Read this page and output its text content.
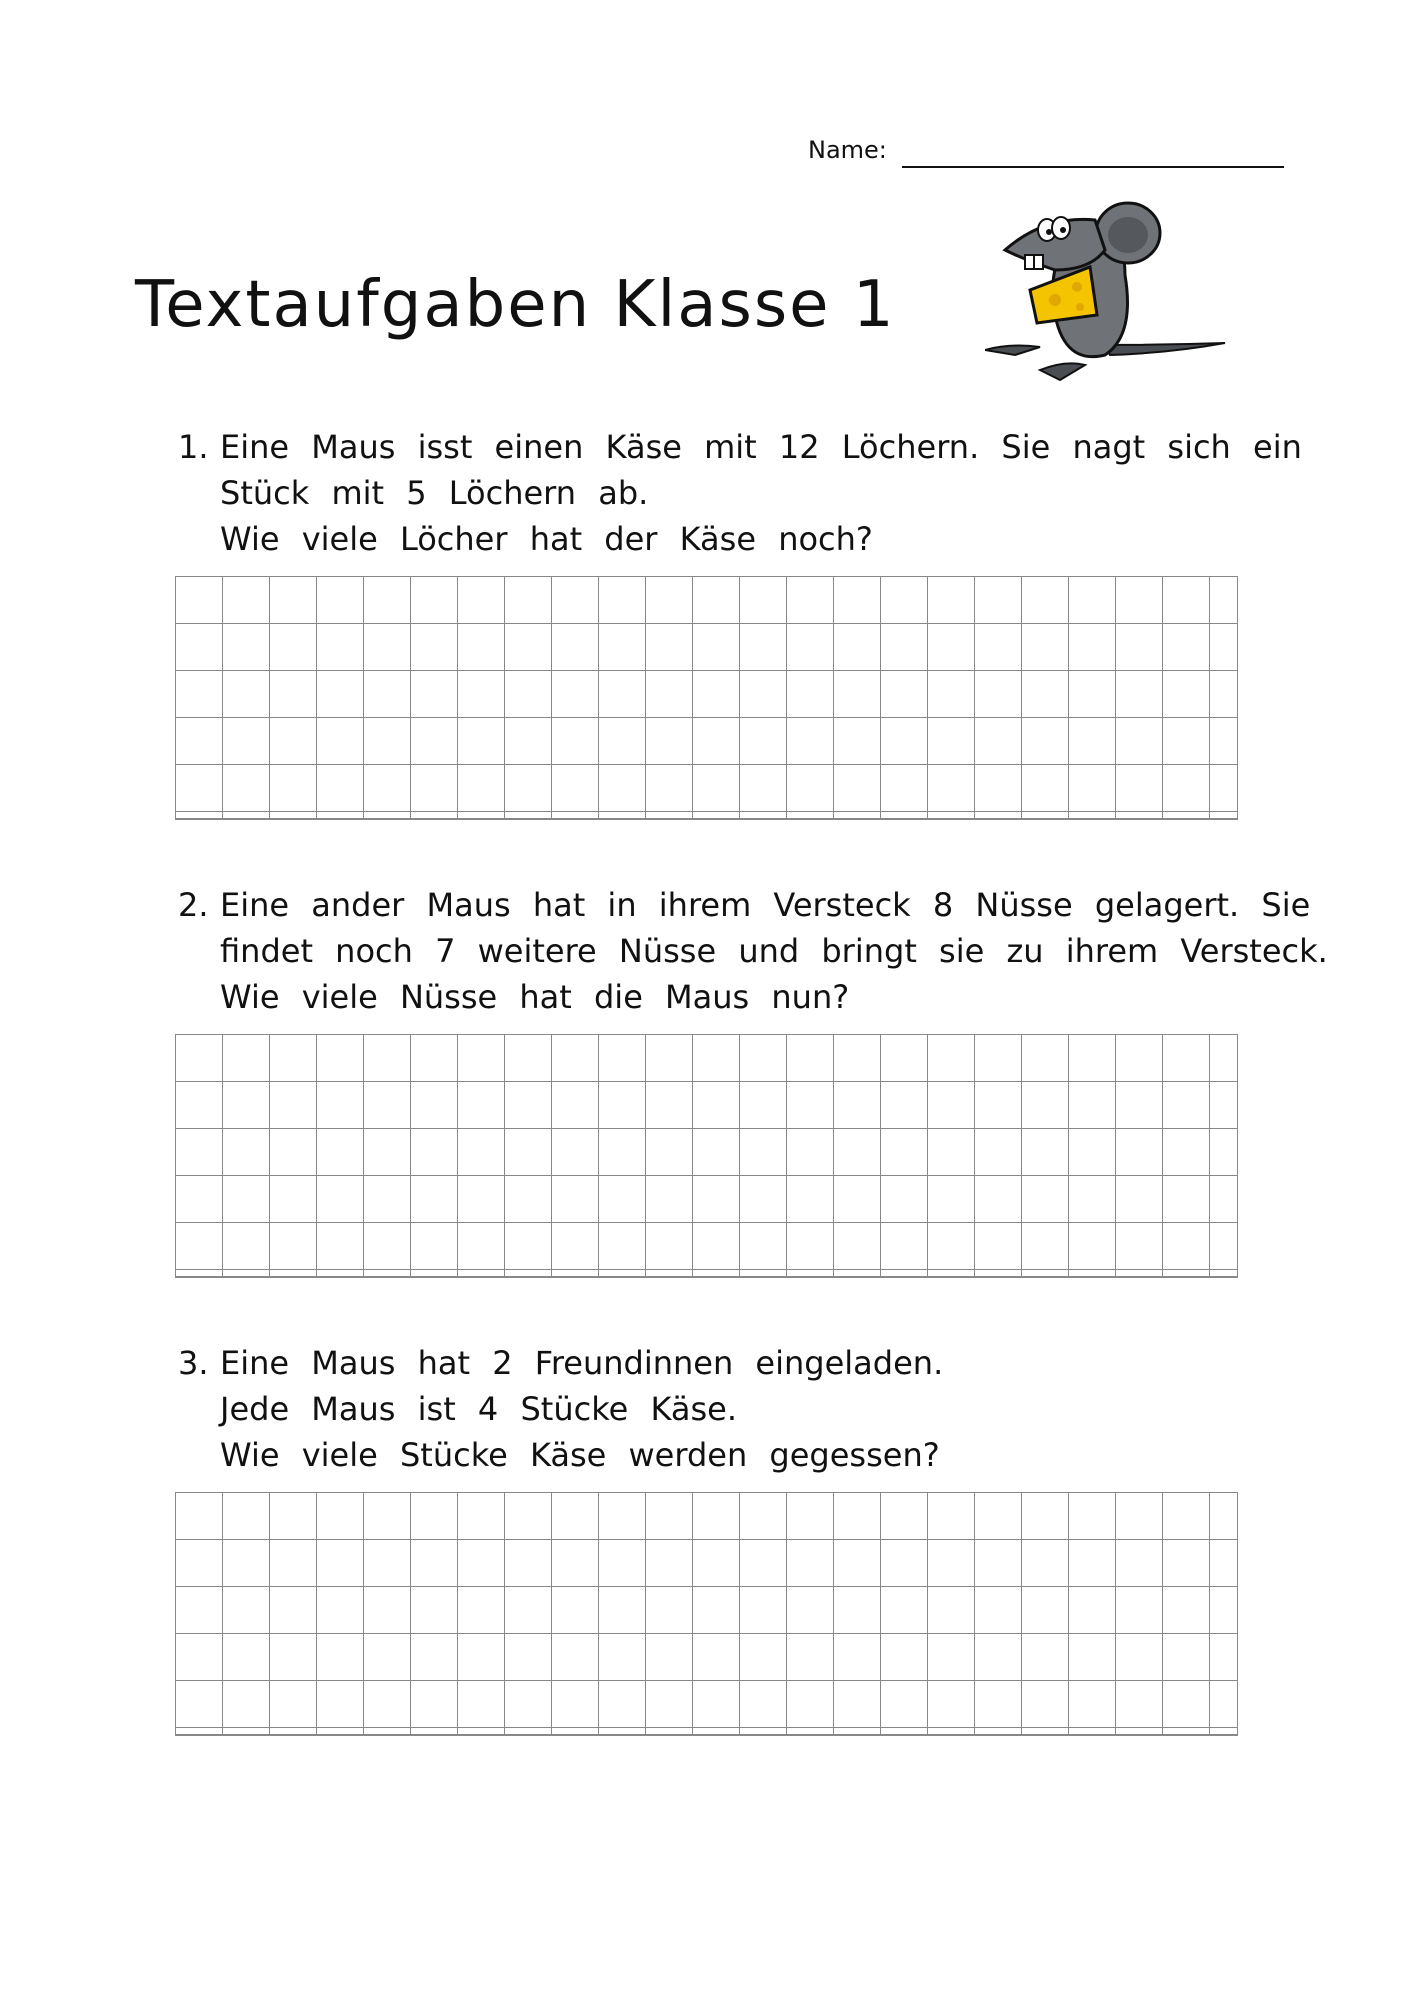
Name:
Textaufgaben Klasse 1
1. Eine Maus isst einen Käse mit 12 Löchern. Sie nagt sich ein
Stück mit 5 Löchern ab.
Wie viele Löcher hat der Käse noch?
2. Eine ander Maus hat in ihrem Versteck 8 Nüsse gelagert. Sie
findet noch 7 weitere Nüsse und bringt sie zu ihrem Versteck.
Wie viele Nüsse hat die Maus nun?
3. Eine Maus hat 2 Freundinnen eingeladen.
Jede Maus ist 4 Stücke Käse.
Wie viele Stücke Käse werden gegessen?
